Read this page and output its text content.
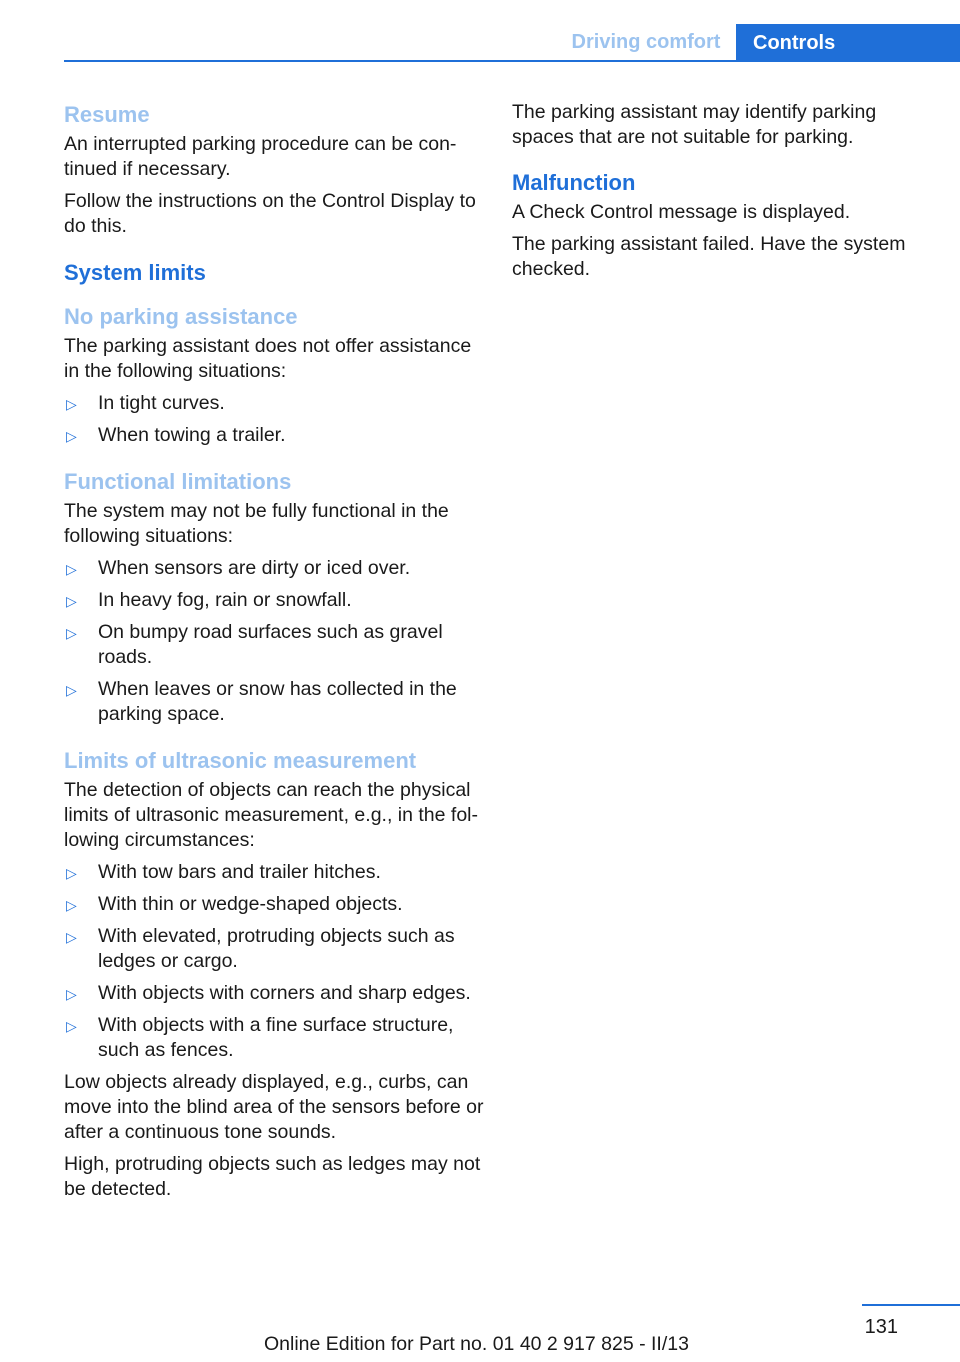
Driving comfort	Controls
Resume

An interrupted parking procedure can be con-tinued if necessary.

Follow the instructions on the Control Display to do this.

System limits
No parking assistance

The parking assistant does not offer assistance in the following situations:

▷ In tight curves.
▷ When towing a trailer.
Functional limitations

The system may not be fully functional in the following situations:

▷ When sensors are dirty or iced over.
▷ In heavy fog, rain or snowfall.
▷ On bumpy road surfaces such as gravel roads.
▷ When leaves or snow has collected in the parking space.
Limits of ultrasonic measurement

The detection of objects can reach the physical limits of ultrasonic measurement, e.g., in the fol-lowing circumstances:

▷ With tow bars and trailer hitches.
▷ With thin or wedge-shaped objects.
▷ With elevated, protruding objects such as ledges or cargo.
▷ With objects with corners and sharp edges.
▷ With objects with a fine surface structure, such as fences.

Low objects already displayed, e.g., curbs, can move into the blind area of the sensors before or after a continuous tone sounds.

High, protruding objects such as ledges may not be detected.

The parking assistant may identify parking spaces that are not suitable for parking.

Malfunction

A Check Control message is displayed.

The parking assistant failed. Have the system checked.

131
Online Edition for Part no. 01 40 2 917 825 - II/13
